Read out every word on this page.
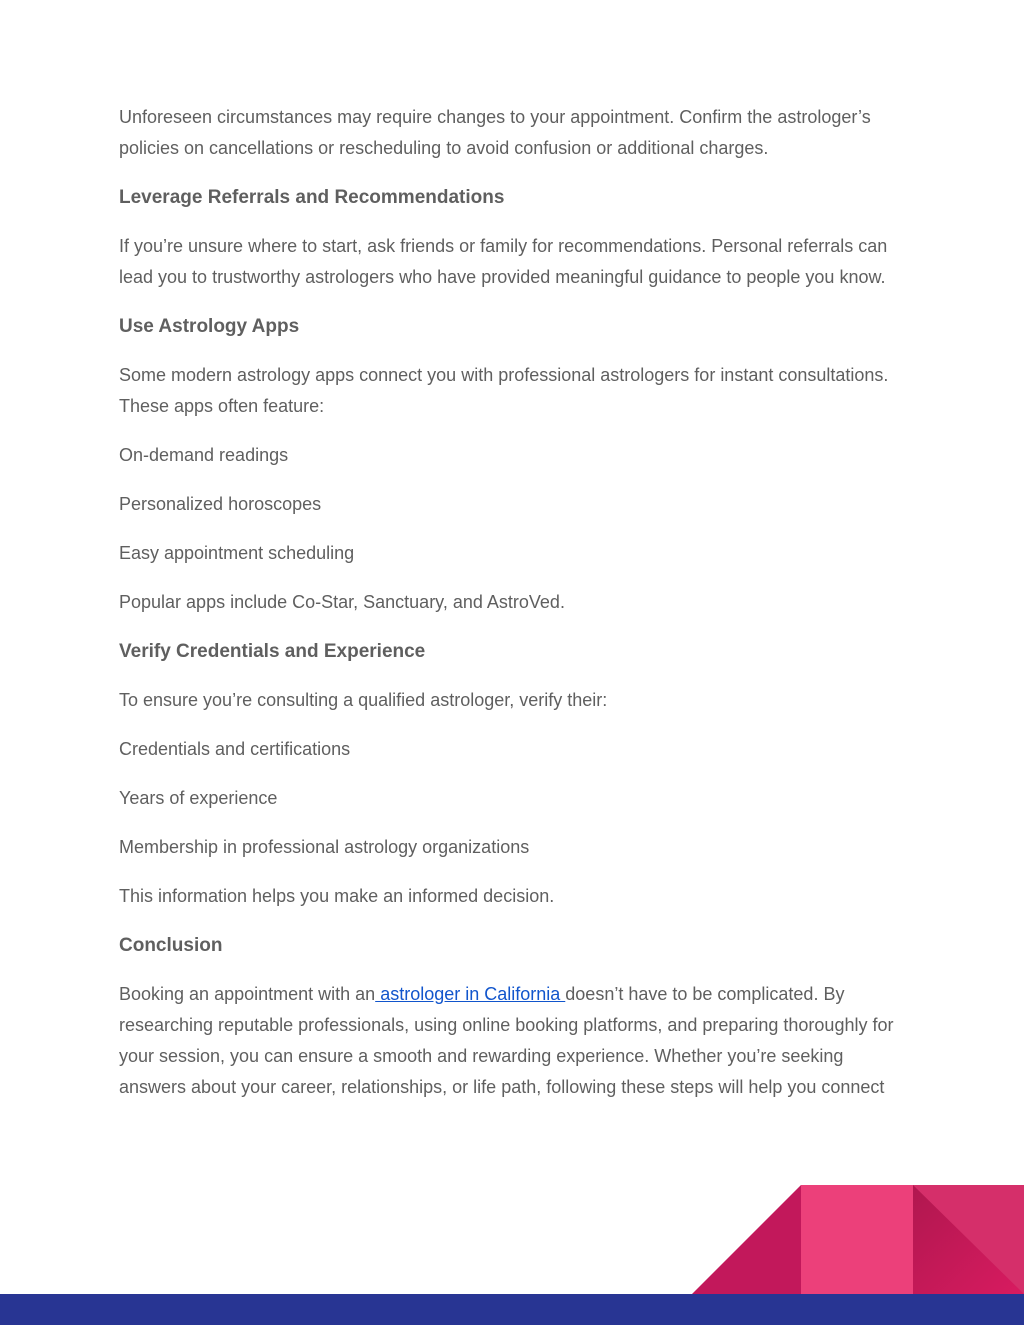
Unforeseen circumstances may require changes to your appointment. Confirm the astrologer’s policies on cancellations or rescheduling to avoid confusion or additional charges.

Leverage Referrals and Recommendations

If you’re unsure where to start, ask friends or family for recommendations. Personal referrals can lead you to trustworthy astrologers who have provided meaningful guidance to people you know.

Use Astrology Apps

Some modern astrology apps connect you with professional astrologers for instant consultations. These apps often feature:

On-demand readings

Personalized horoscopes

Easy appointment scheduling

Popular apps include Co-Star, Sanctuary, and AstroVed.

Verify Credentials and Experience

To ensure you’re consulting a qualified astrologer, verify their:

Credentials and certifications

Years of experience

Membership in professional astrology organizations

This information helps you make an informed decision.

Conclusion

Booking an appointment with an astrologer in California doesn’t have to be complicated. By researching reputable professionals, using online booking platforms, and preparing thoroughly for your session, you can ensure a smooth and rewarding experience. Whether you’re seeking answers about your career, relationships, or life path, following these steps will help you connect
